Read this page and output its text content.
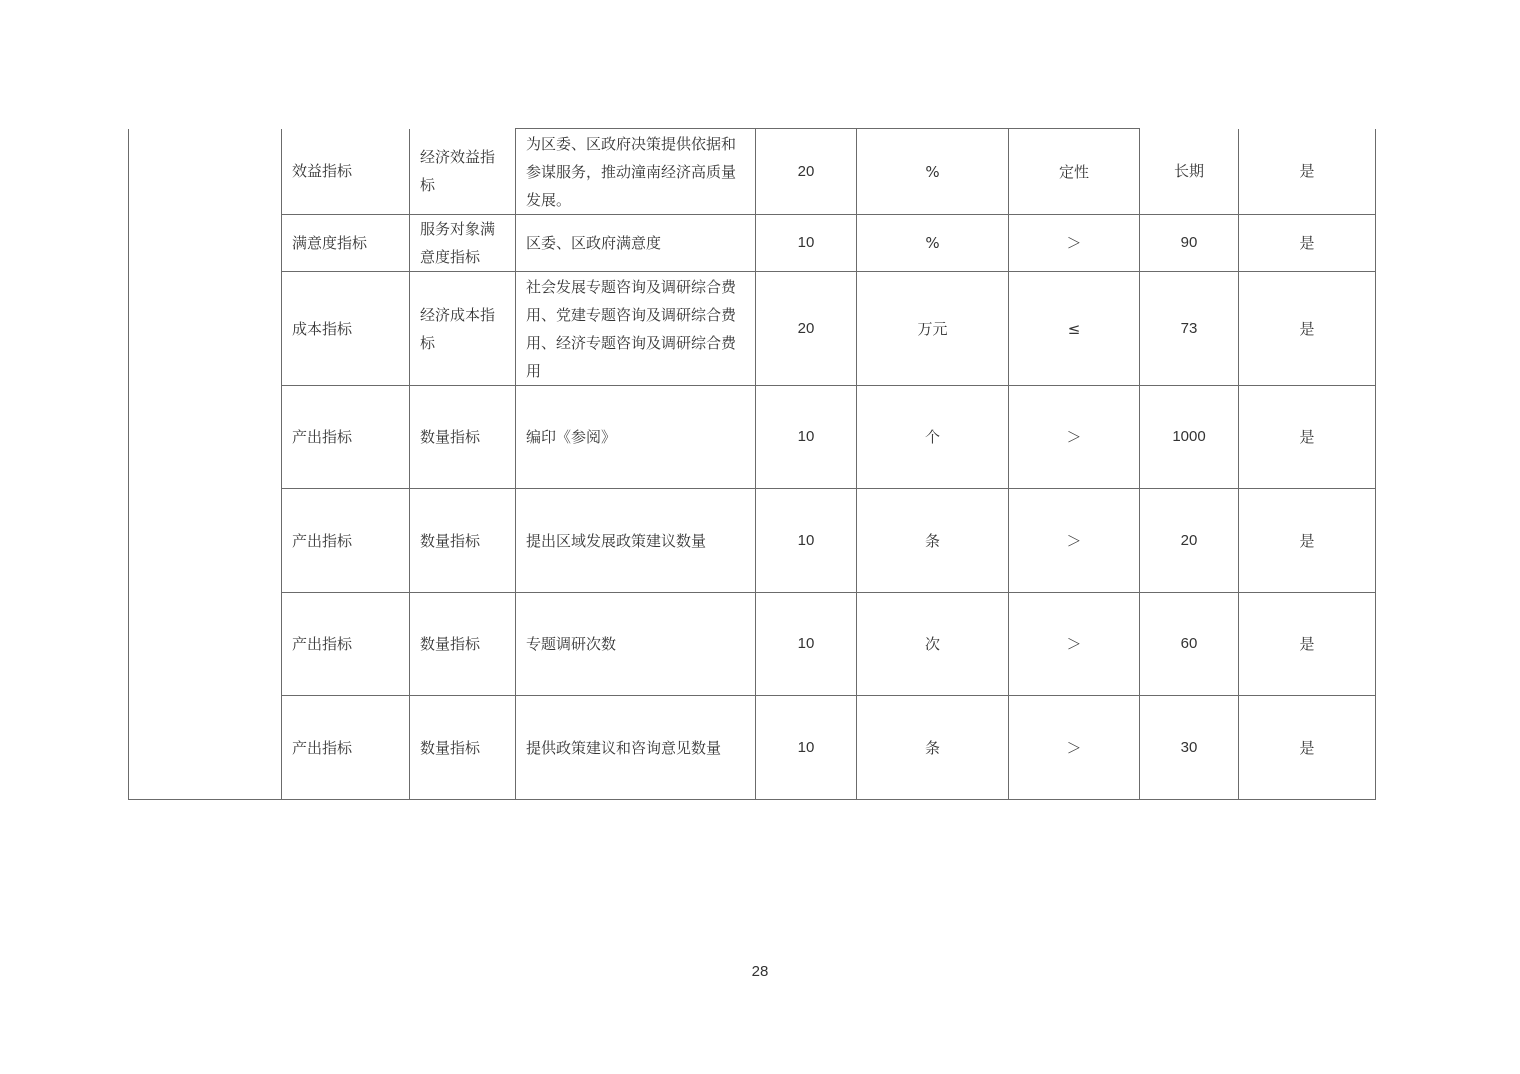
	效益指标	经济效益指标	为区委、区政府决策提供依据和参谋服务，推动潼南经济高质量发展。	20	%	定性	长期	是
	满意度指标	服务对象满意度指标	区委、区政府满意度	10	%	＞	90	是
	成本指标	经济成本指标	社会发展专题咨询及调研综合费用、党建专题咨询及调研综合费用、经济专题咨询及调研综合费用	20	万元	≤	73	是
	产出指标	数量指标	编印《参阅》	10	个	＞	1000	是
	产出指标	数量指标	提出区域发展政策建议数量	10	条	＞	20	是
	产出指标	数量指标	专题调研次数	10	次	＞	60	是
	产出指标	数量指标	提供政策建议和咨询意见数量	10	条	＞	30	是
28
